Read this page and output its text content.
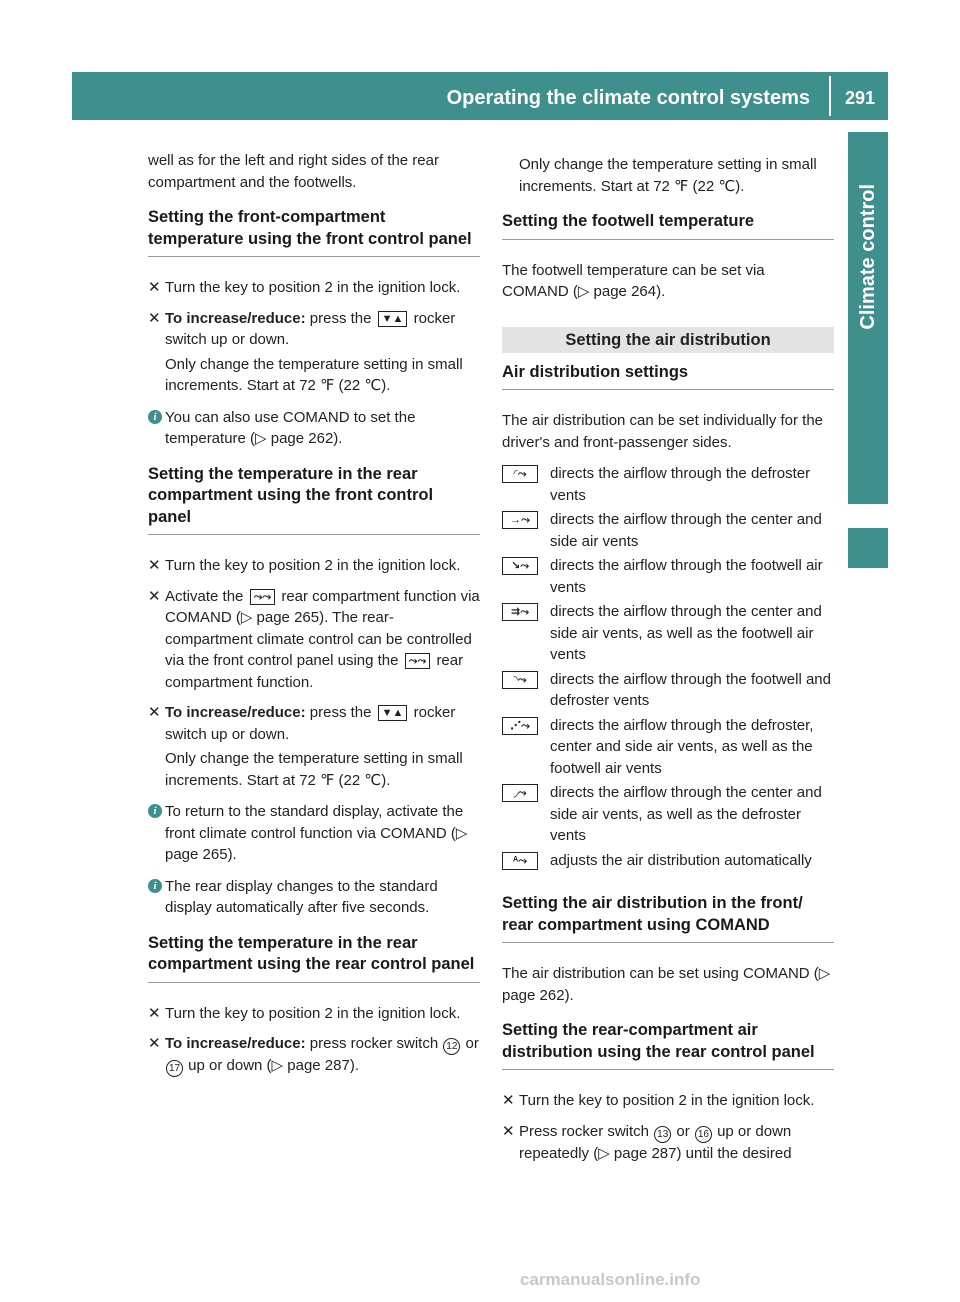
Operating the climate control systems	291
Climate control

well as for the left and right sides of the rear compartment and the footwells.

Setting the front-compartment temperature using the front control panel
✕ Turn the key to position 2 in the ignition lock.
✕ To increase/reduce: press the ▼▲ rocker switch up or down.

Only change the temperature setting in small increments. Start at 72 ℉ (22 ℃).

i You can also use COMAND to set the temperature (▷ page 262).
Setting the temperature in the rear compartment using the front control panel
✕ Turn the key to position 2 in the ignition lock.
✕ Activate the ⤳⤳ rear compartment function via COMAND (▷ page 265). The rear-compartment climate control can be controlled via the front control panel using the ⤳⤳ rear compartment function.
✕ To increase/reduce: press the ▼▲ rocker switch up or down.

Only change the temperature setting in small increments. Start at 72 ℉ (22 ℃).

i To return to the standard display, activate the front climate control function via COMAND (▷ page 265).
i The rear display changes to the standard display automatically after five seconds.
Setting the temperature in the rear compartment using the rear control panel
✕ Turn the key to position 2 in the ignition lock.
✕ To increase/reduce: press rocker switch 12 or 17 up or down (▷ page 287).

Only change the temperature setting in small increments. Start at 72 ℉ (22 ℃).

Setting the footwell temperature

The footwell temperature can be set via COMAND (▷ page 264).

Setting the air distribution
Air distribution settings

The air distribution can be set individually for the driver's and front-passenger sides.

◜⤳	directs the airflow through the defroster vents
→⤳	directs the airflow through the center and side air vents
↘⤳	directs the airflow through the footwell air vents
⇉⤳	directs the airflow through the center and side air vents, as well as the footwell air vents
◝⤳	directs the airflow through the footwell and defroster vents
⋰⤳	directs the airflow through the defroster, center and side air vents, as well as the footwell air vents
◞⤳	directs the airflow through the center and side air vents, as well as the defroster vents
ᴬ⤳	adjusts the air distribution automatically
Setting the air distribution in the front/ rear compartment using COMAND

The air distribution can be set using COMAND (▷ page 262).

Setting the rear-compartment air distribution using the rear control panel
✕ Turn the key to position 2 in the ignition lock.
✕ Press rocker switch 13 or 16 up or down repeatedly (▷ page 287) until the desired
carmanualsonline.info
